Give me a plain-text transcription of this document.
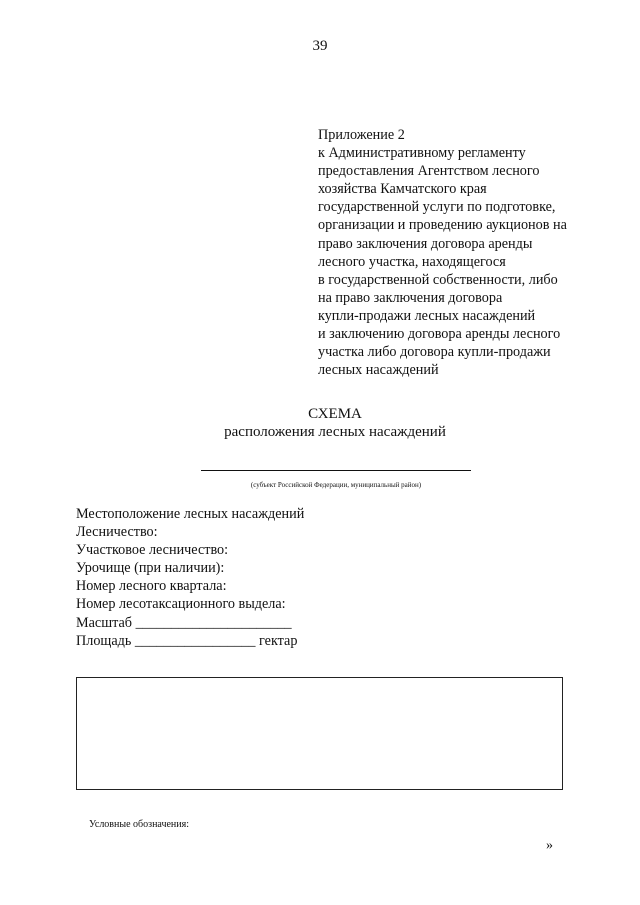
39
Приложение 2
к Административному регламенту
предоставления Агентством лесного
хозяйства Камчатского края
государственной услуги по подготовке,
организации и проведению аукционов на
право заключения договора аренды
лесного участка, находящегося
в государственной собственности, либо
на право заключения договора
купли-продажи лесных насаждений
и заключению договора аренды лесного
участка либо договора купли-продажи
лесных насаждений
СХЕМА
расположения лесных насаждений
(субъект Российской Федерации, муниципальный район)
Местоположение лесных насаждений
Лесничество:
Участковое лесничество:
Урочище (при наличии):
Номер лесного квартала:
Номер лесотаксационного выдела:
Масштаб ______________________
Площадь _________________ гектар
Условные обозначения:
»
